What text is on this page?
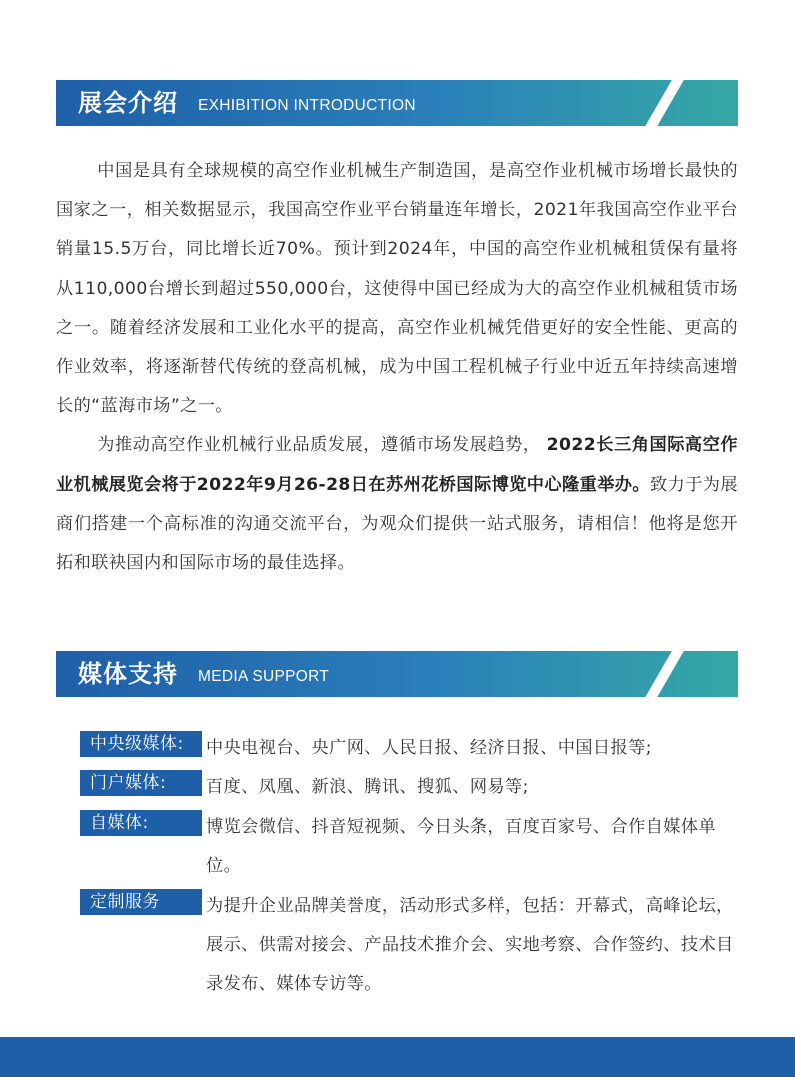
展会介绍 EXHIBITION INTRODUCTION

中国是具有全球规模的高空作业机械生产制造国，是高空作业机械市场增长最快的国家之一，相关数据显示，我国高空作业平台销量连年增长，2021年我国高空作业平台销量15.5万台，同比增长近70%。预计到2024年，中国的高空作业机械租赁保有量将从110,000台增长到超过550,000台，这使得中国已经成为大的高空作业机械租赁市场之一。随着经济发展和工业化水平的提高，高空作业机械凭借更好的安全性能、更高的作业效率，将逐渐替代传统的登高机械，成为中国工程机械子行业中近五年持续高速增长的“蓝海市场”之一。

为推动高空作业机械行业品质发展，遵循市场发展趋势， 2022长三角国际高空作业机械展览会将于2022年9月26-28日在苏州花桥国际博览中心隆重举办。致力于为展商们搭建一个高标准的沟通交流平台，为观众们提供一站式服务，请相信！他将是您开拓和联袂国内和国际市场的最佳选择。

媒体支持 MEDIA SUPPORT
中央级媒体:	中央电视台、央广网、人民日报、经济日报、中国日报等;
门户媒体:	百度、凤凰、新浪、腾讯、搜狐、网易等;
自媒体:	博览会微信、抖音短视频、今日头条，百度百家号、合作自媒体单位。
定制服务	为提升企业品牌美誉度，活动形式多样，包括：开幕式，高峰论坛，展示、供需对接会、产品技术推介会、实地考察、合作签约、技术目录发布、媒体专访等。
